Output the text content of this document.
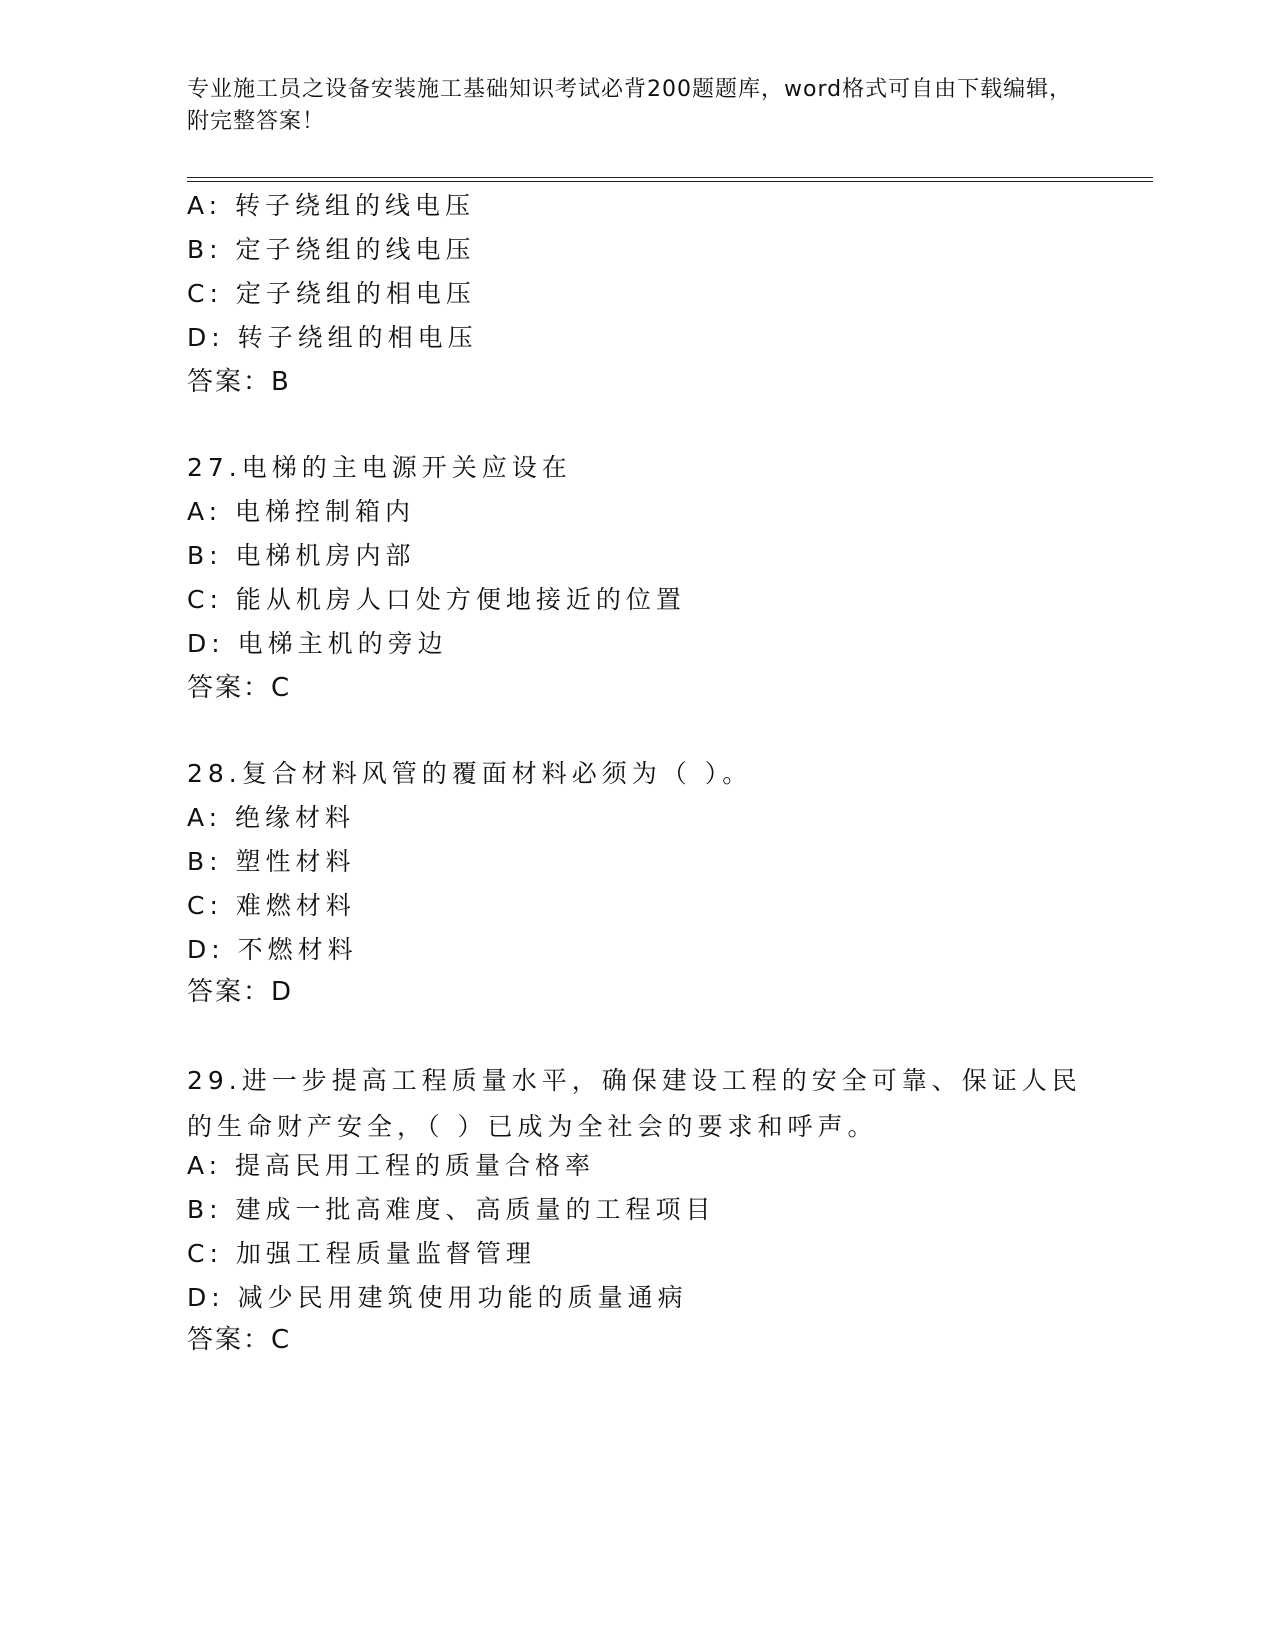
专业施工员之设备安装施工基础知识考试必背200题题库，word格式可自由下载编辑，附完整答案！
A: 转子绕组的线电压
B: 定子绕组的线电压
C: 定子绕组的相电压
D: 转子绕组的相电压
答案：B
27.电梯的主电源开关应设在
A: 电梯控制箱内
B: 电梯机房内部
C: 能从机房人口处方便地接近的位置
D: 电梯主机的旁边
答案：C
28.复合材料风管的覆面材料必须为（ ）。
A: 绝缘材料
B: 塑性材料
C: 难燃材料
D: 不燃材料
答案：D
29.进一步提高工程质量水平，确保建设工程的安全可靠、保证人民的生命财产安全，（ ）已成为全社会的要求和呼声。
A: 提高民用工程的质量合格率
B: 建成一批高难度、高质量的工程项目
C: 加强工程质量监督管理
D: 减少民用建筑使用功能的质量通病
答案：C
